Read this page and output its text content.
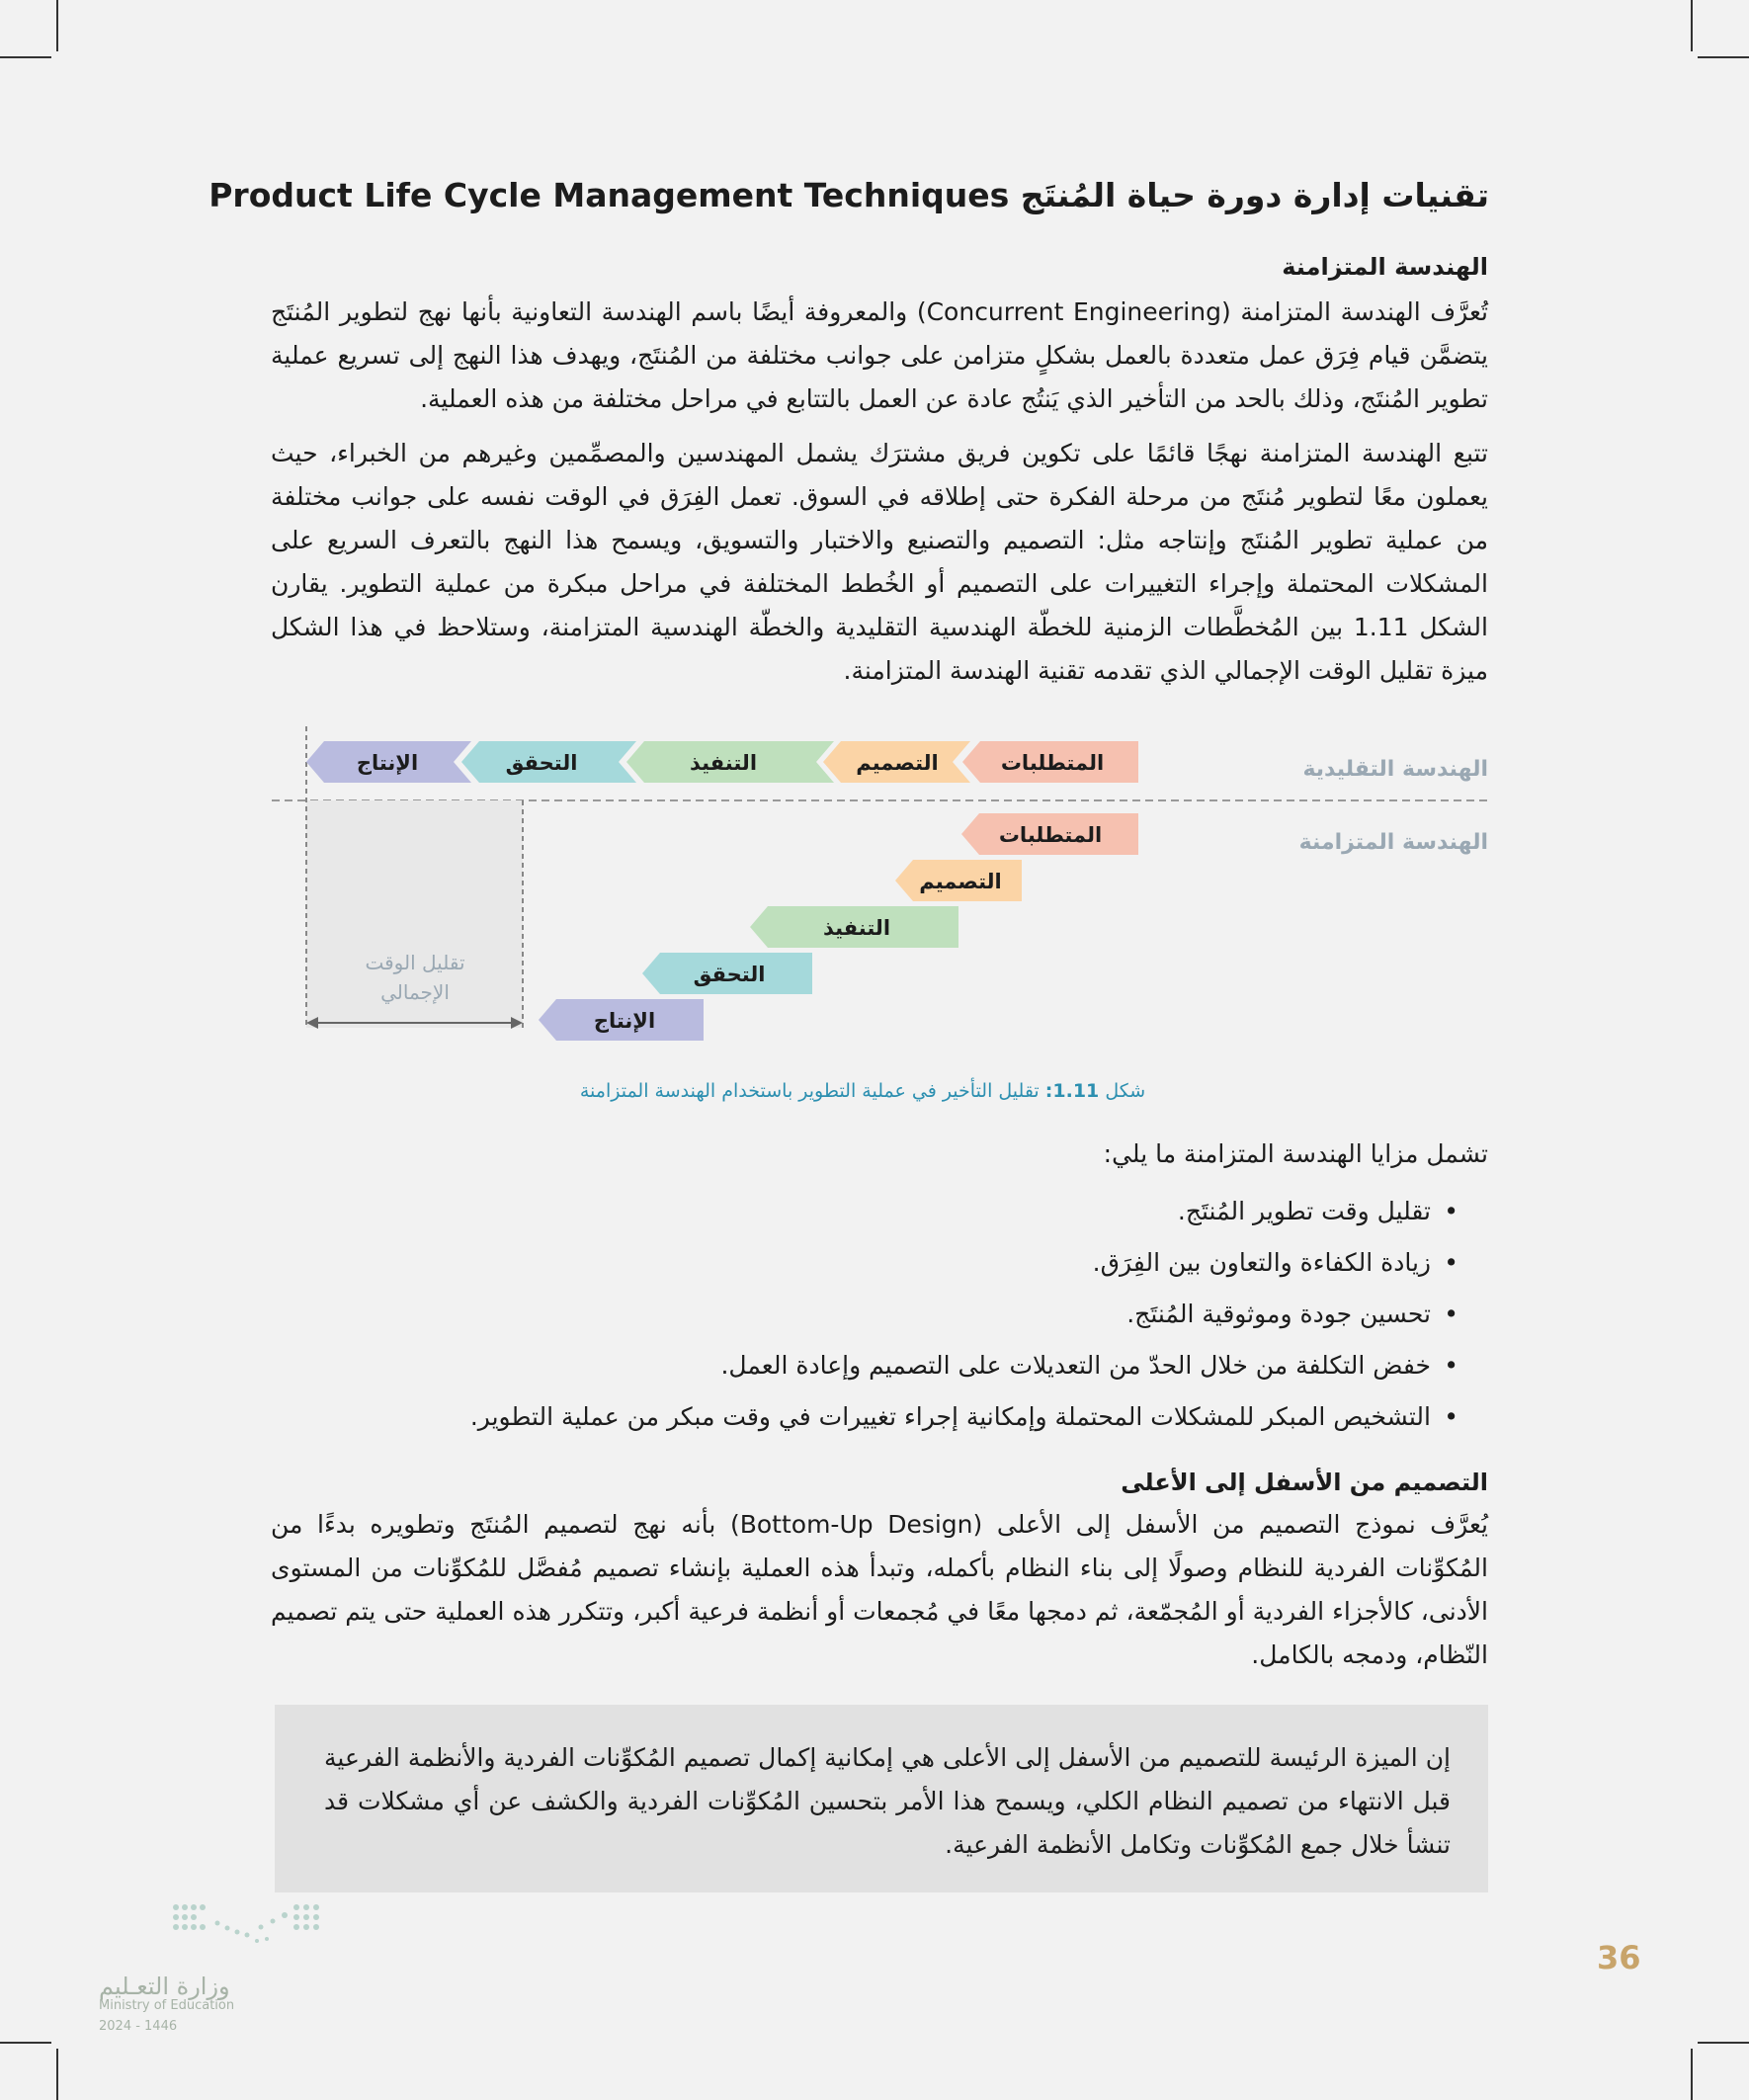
تقنيات إدارة دورة حياة المُنتَج Product Life Cycle Management Techniques
الهندسة المتزامنة

تُعرَّف الهندسة المتزامنة (Concurrent Engineering) والمعروفة أيضًا باسم الهندسة التعاونية بأنها نهج لتطوير المُنتَج يتضمَّن قيام فِرَق عمل متعددة بالعمل بشكلٍ متزامن على جوانب مختلفة من المُنتَج، ويهدف هذا النهج إلى تسريع عملية تطوير المُنتَج، وذلك بالحد من التأخير الذي يَنتُج عادة عن العمل بالتتابع في مراحل مختلفة من هذه العملية.

تتبع الهندسة المتزامنة نهجًا قائمًا على تكوين فريق مشترَك يشمل المهندسين والمصمِّمين وغيرهم من الخبراء، حيث يعملون معًا لتطوير مُنتَج من مرحلة الفكرة حتى إطلاقه في السوق. تعمل الفِرَق في الوقت نفسه على جوانب مختلفة من عملية تطوير المُنتَج وإنتاجه مثل: التصميم والتصنيع والاختبار والتسويق، ويسمح هذا النهج بالتعرف السريع على المشكلات المحتملة وإجراء التغييرات على التصميم أو الخُطط المختلفة في مراحل مبكرة من عملية التطوير. يقارن الشكل 1.11 بين المُخطَّطات الزمنية للخطّة الهندسية التقليدية والخطّة الهندسية المتزامنة، وستلاحظ في هذا الشكل ميزة تقليل الوقت الإجمالي الذي تقدمه تقنية الهندسة المتزامنة.

تقليل الوقت
الإجمالي
الهندسة التقليدية
الهندسة المتزامنة
المتطلبات
التصميم
التنفيذ
التحقق
الإنتاج
المتطلبات
التصميم
التنفيذ
التحقق
الإنتاج
شكل 1.11: تقليل التأخير في عملية التطوير باستخدام الهندسة المتزامنة
تشمل مزايا الهندسة المتزامنة ما يلي:
• تقليل وقت تطوير المُنتَج.
• زيادة الكفاءة والتعاون بين الفِرَق.
• تحسين جودة وموثوقية المُنتَج.
• خفض التكلفة من خلال الحدّ من التعديلات على التصميم وإعادة العمل.
• التشخيص المبكر للمشكلات المحتملة وإمكانية إجراء تغييرات في وقت مبكر من عملية التطوير.
التصميم من الأسفل إلى الأعلى

يُعرَّف نموذج التصميم من الأسفل إلى الأعلى (Bottom-Up Design) بأنه نهج لتصميم المُنتَج وتطويره بدءًا من المُكوِّنات الفردية للنظام وصولًا إلى بناء النظام بأكمله، وتبدأ هذه العملية بإنشاء تصميم مُفصَّل للمُكوِّنات من المستوى الأدنى، كالأجزاء الفردية أو المُجمّعة، ثم دمجها معًا في مُجمعات أو أنظمة فرعية أكبر، وتتكرر هذه العملية حتى يتم تصميم النّظام، ودمجه بالكامل.

إن الميزة الرئيسة للتصميم من الأسفل إلى الأعلى هي إمكانية إكمال تصميم المُكوِّنات الفردية والأنظمة الفرعية قبل الانتهاء من تصميم النظام الكلي، ويسمح هذا الأمر بتحسين المُكوِّنات الفردية والكشف عن أي مشكلات قد تنشأ خلال جمع المُكوِّنات وتكامل الأنظمة الفرعية.
36
وزارة التعـليم
Ministry of Education
2024 - 1446
